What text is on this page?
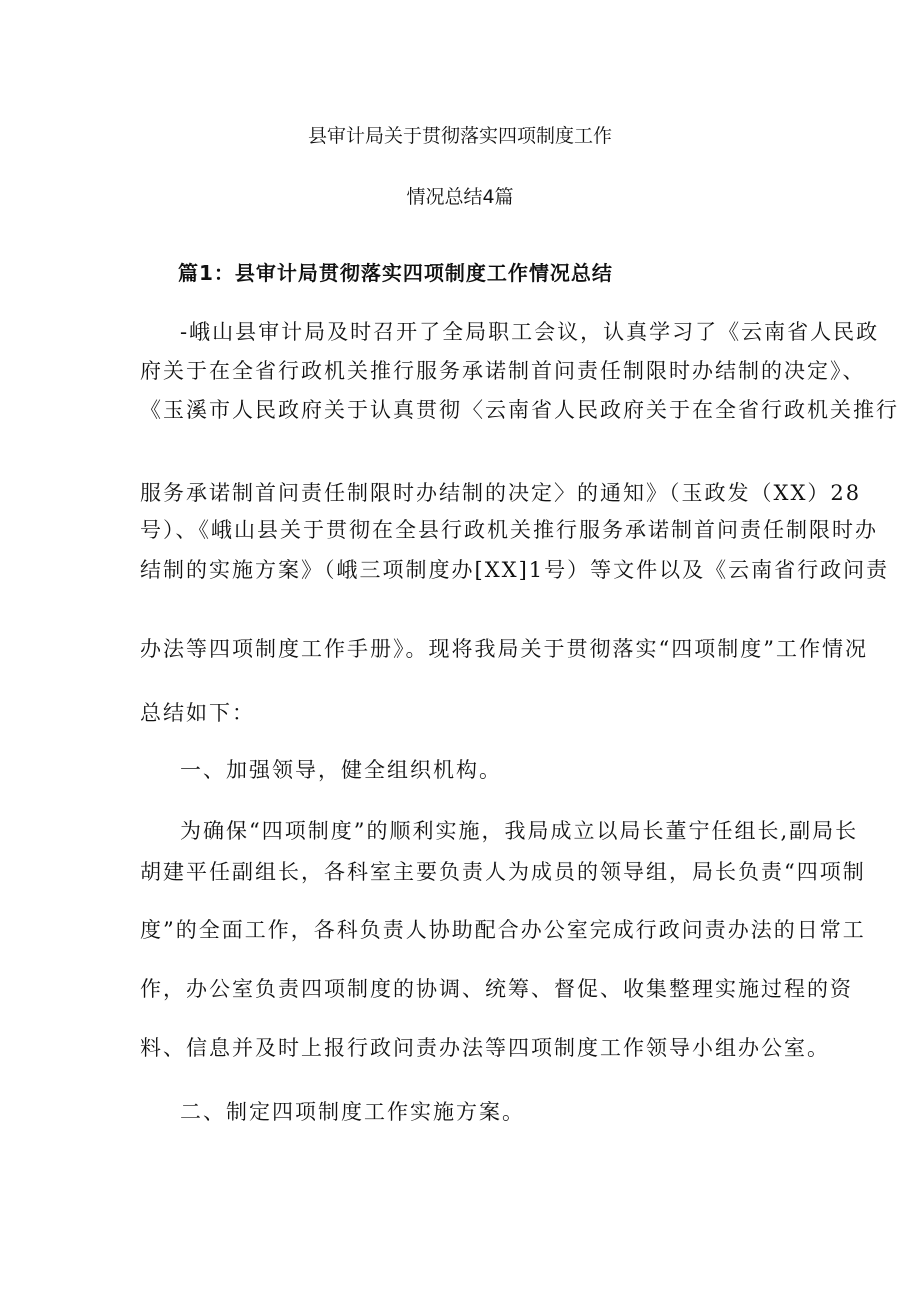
县审计局关于贯彻落实四项制度工作
情况总结4篇
篇1：县审计局贯彻落实四项制度工作情况总结
-峨山县审计局及时召开了全局职工会议，认真学习了《云南省人民政
府关于在全省行政机关推行服务承诺制首问责任制限时办结制的决定》、
《玉溪市人民政府关于认真贯彻〈云南省人民政府关于在全省行政机关推行
服务承诺制首问责任制限时办结制的决定〉的通知》（玉政发（XX）28
号）、《峨山县关于贯彻在全县行政机关推行服务承诺制首问责任制限时办
结制的实施方案》（峨三项制度办[XX]1号）等文件以及《云南省行政问责
办法等四项制度工作手册》。现将我局关于贯彻落实“四项制度”工作情况
总结如下：
一、加强领导，健全组织机构。
为确保“四项制度”的顺利实施，我局成立以局长董宁任组长,副局长
胡建平任副组长，各科室主要负责人为成员的领导组，局长负责“四项制
度”的全面工作，各科负责人协助配合办公室完成行政问责办法的日常工
作，办公室负责四项制度的协调、统筹、督促、收集整理实施过程的资
料、信息并及时上报行政问责办法等四项制度工作领导小组办公室。
二、制定四项制度工作实施方案。
